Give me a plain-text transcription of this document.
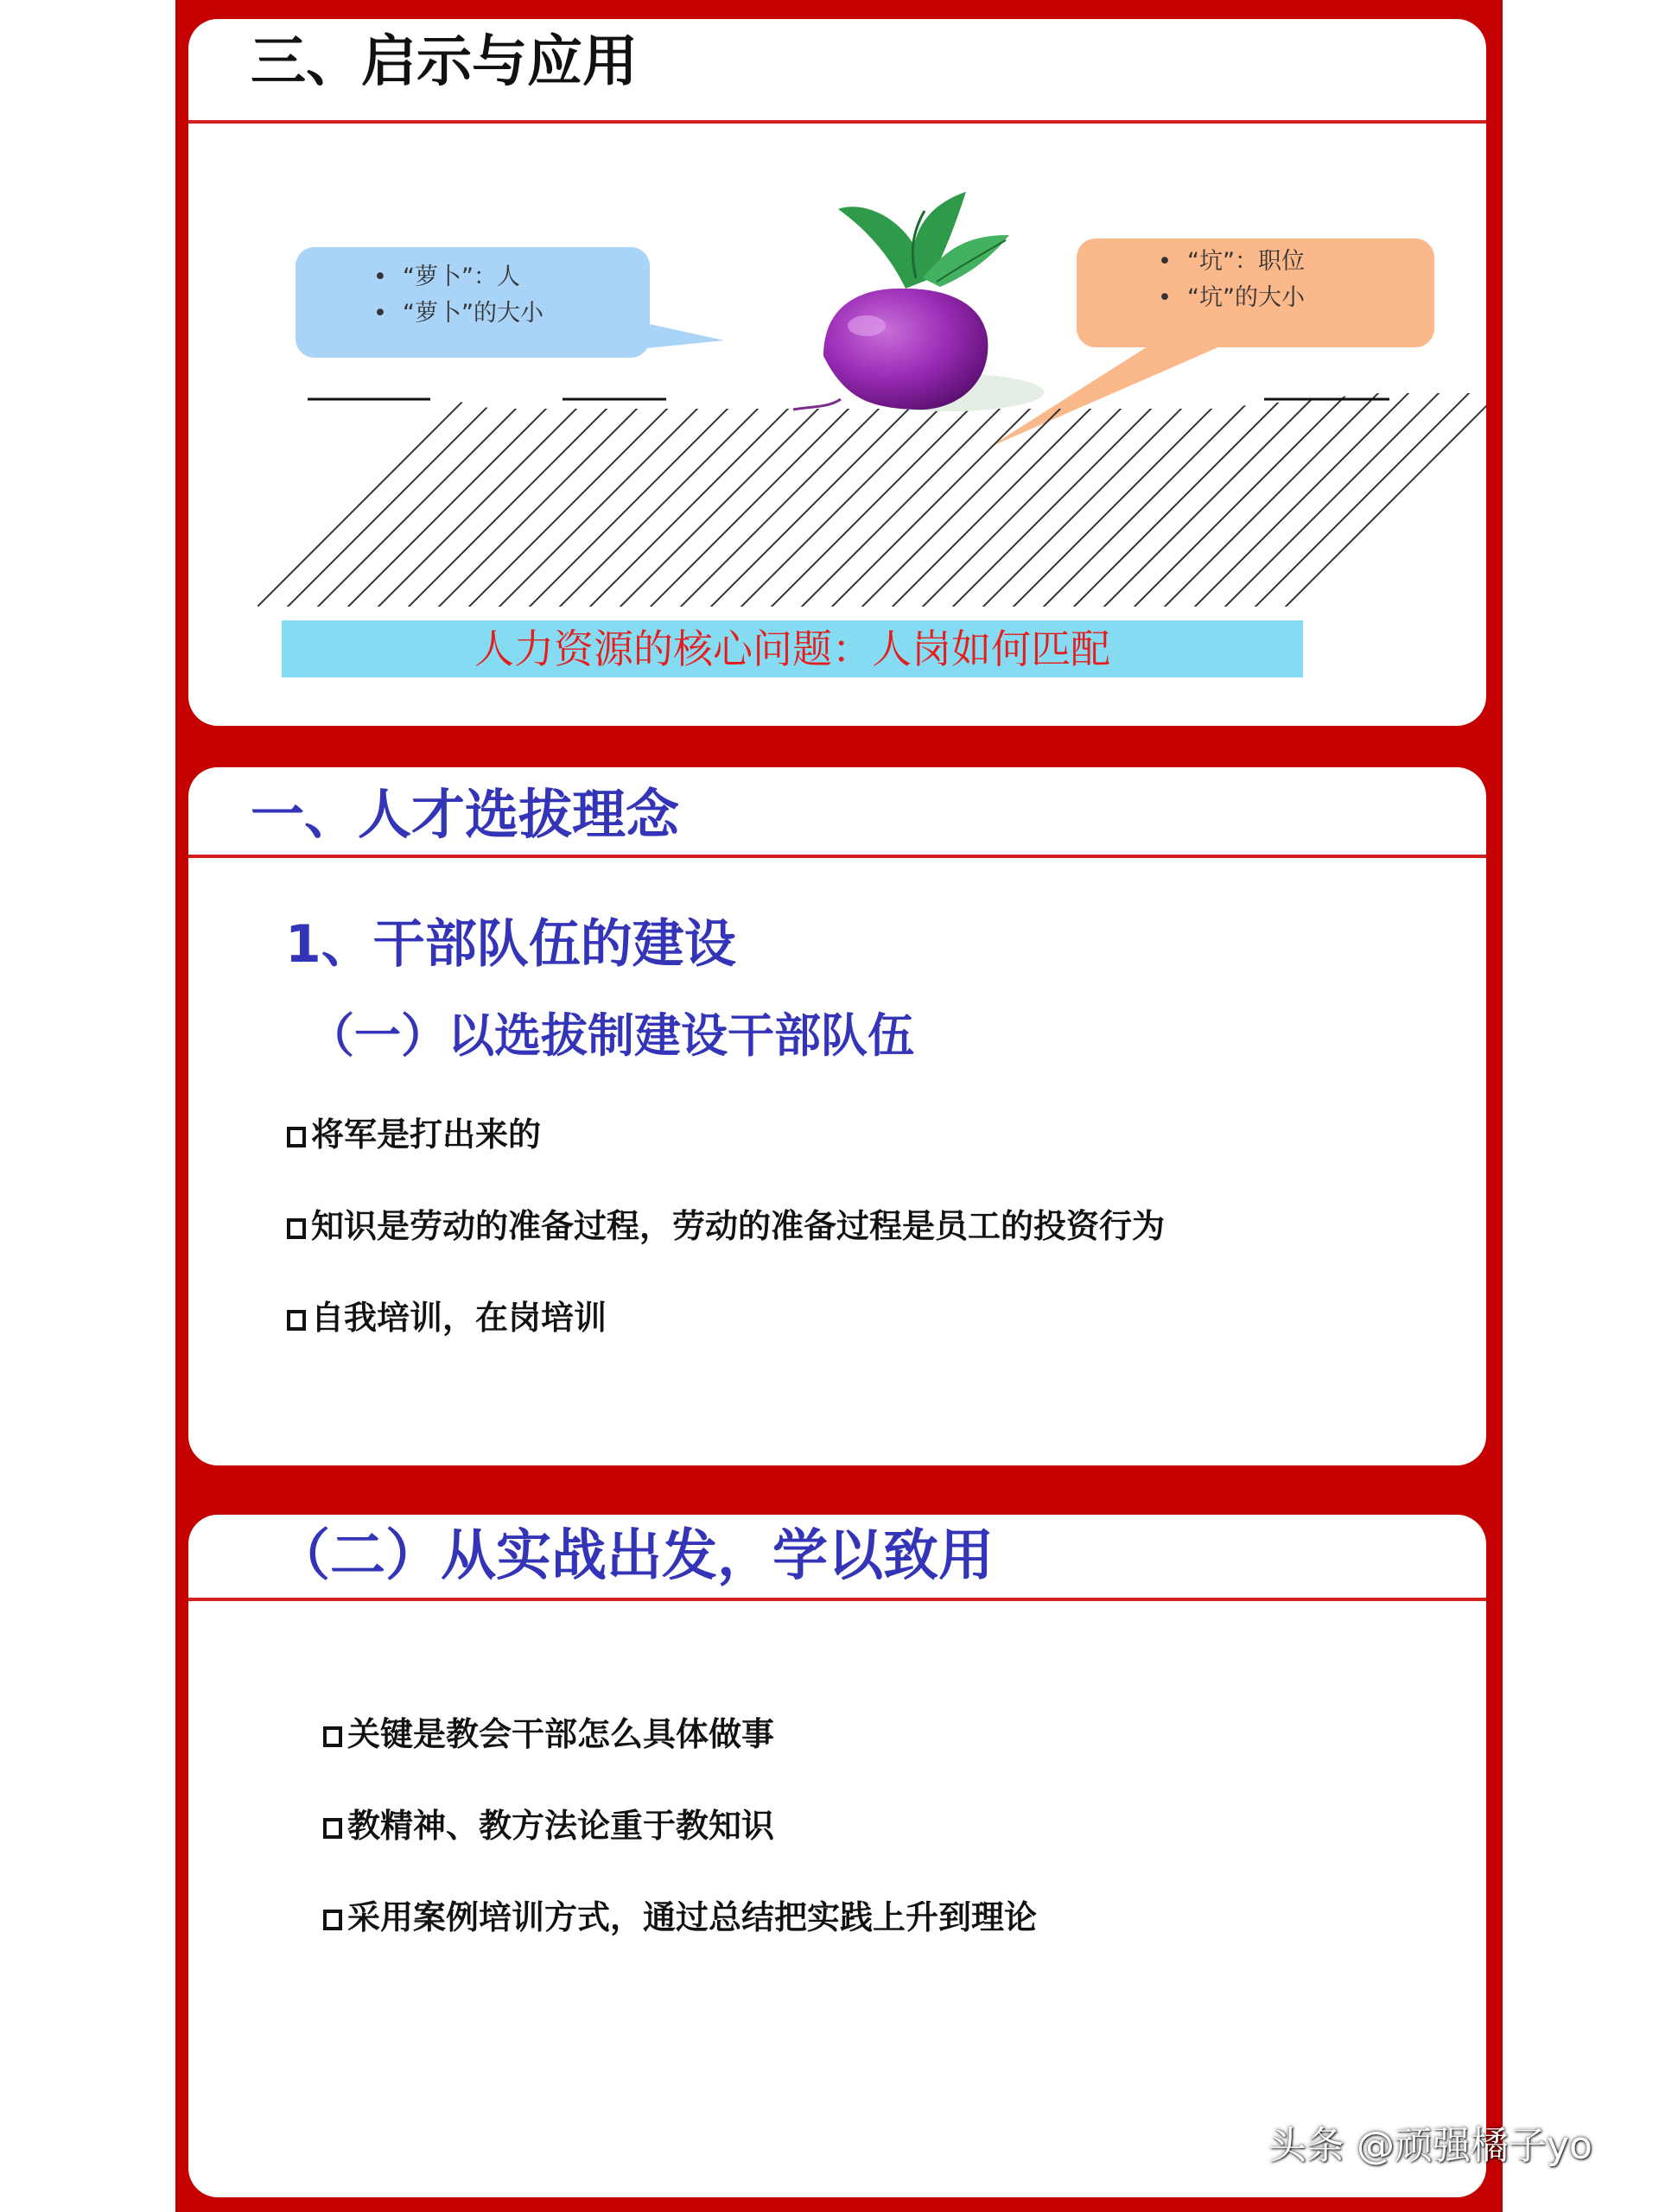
三、启示与应用
• “萝卜”：人
• “萝卜”的大小
• “坑”：职位
• “坑”的大小
人力资源的核心问题：人岗如何匹配
一、人才选拔理念
1、干部队伍的建设
（一）以选拔制建设干部队伍
将军是打出来的
知识是劳动的准备过程，劳动的准备过程是员工的投资行为
自我培训，在岗培训
（二）从实战出发，学以致用
关键是教会干部怎么具体做事
教精神、教方法论重于教知识
采用案例培训方式，通过总结把实践上升到理论
头条 @顽强橘子yo
